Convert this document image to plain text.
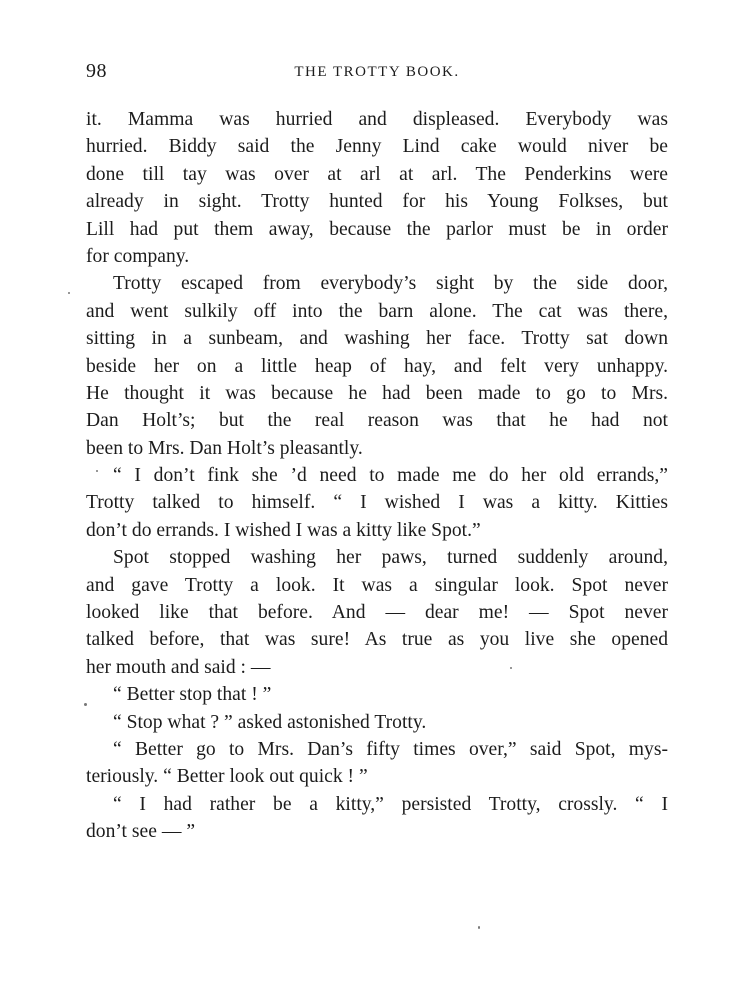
98	THE TROTTY BOOK.
it. Mamma was hurried and displeased. Everybody was
hurried. Biddy said the Jenny Lind cake would niver be
done till tay was over at arl at arl. The Penderkins were
already in sight. Trotty hunted for his Young Folkses, but
Lill had put them away, because the parlor must be in order
for company.
Trotty escaped from everybody’s sight by the side door,
and went sulkily off into the barn alone. The cat was there,
sitting in a sunbeam, and washing her face. Trotty sat down
beside her on a little heap of hay, and felt very unhappy.
He thought it was because he had been made to go to Mrs.
Dan Holt’s; but the real reason was that he had not
been to Mrs. Dan Holt’s pleasantly.
“ I don’t fink she ’d need to made me do her old errands,”
Trotty talked to himself. “ I wished I was a kitty. Kitties
don’t do errands. I wished I was a kitty like Spot.”
Spot stopped washing her paws, turned suddenly around,
and gave Trotty a look. It was a singular look. Spot never
looked like that before. And — dear me! — Spot never
talked before, that was sure! As true as you live she opened
her mouth and said : —
“ Better stop that ! ”
“ Stop what ? ” asked astonished Trotty.
“ Better go to Mrs. Dan’s fifty times over,” said Spot, mys-
teriously. “ Better look out quick ! ”
“ I had rather be a kitty,” persisted Trotty, crossly. “ I
don’t see — ”
